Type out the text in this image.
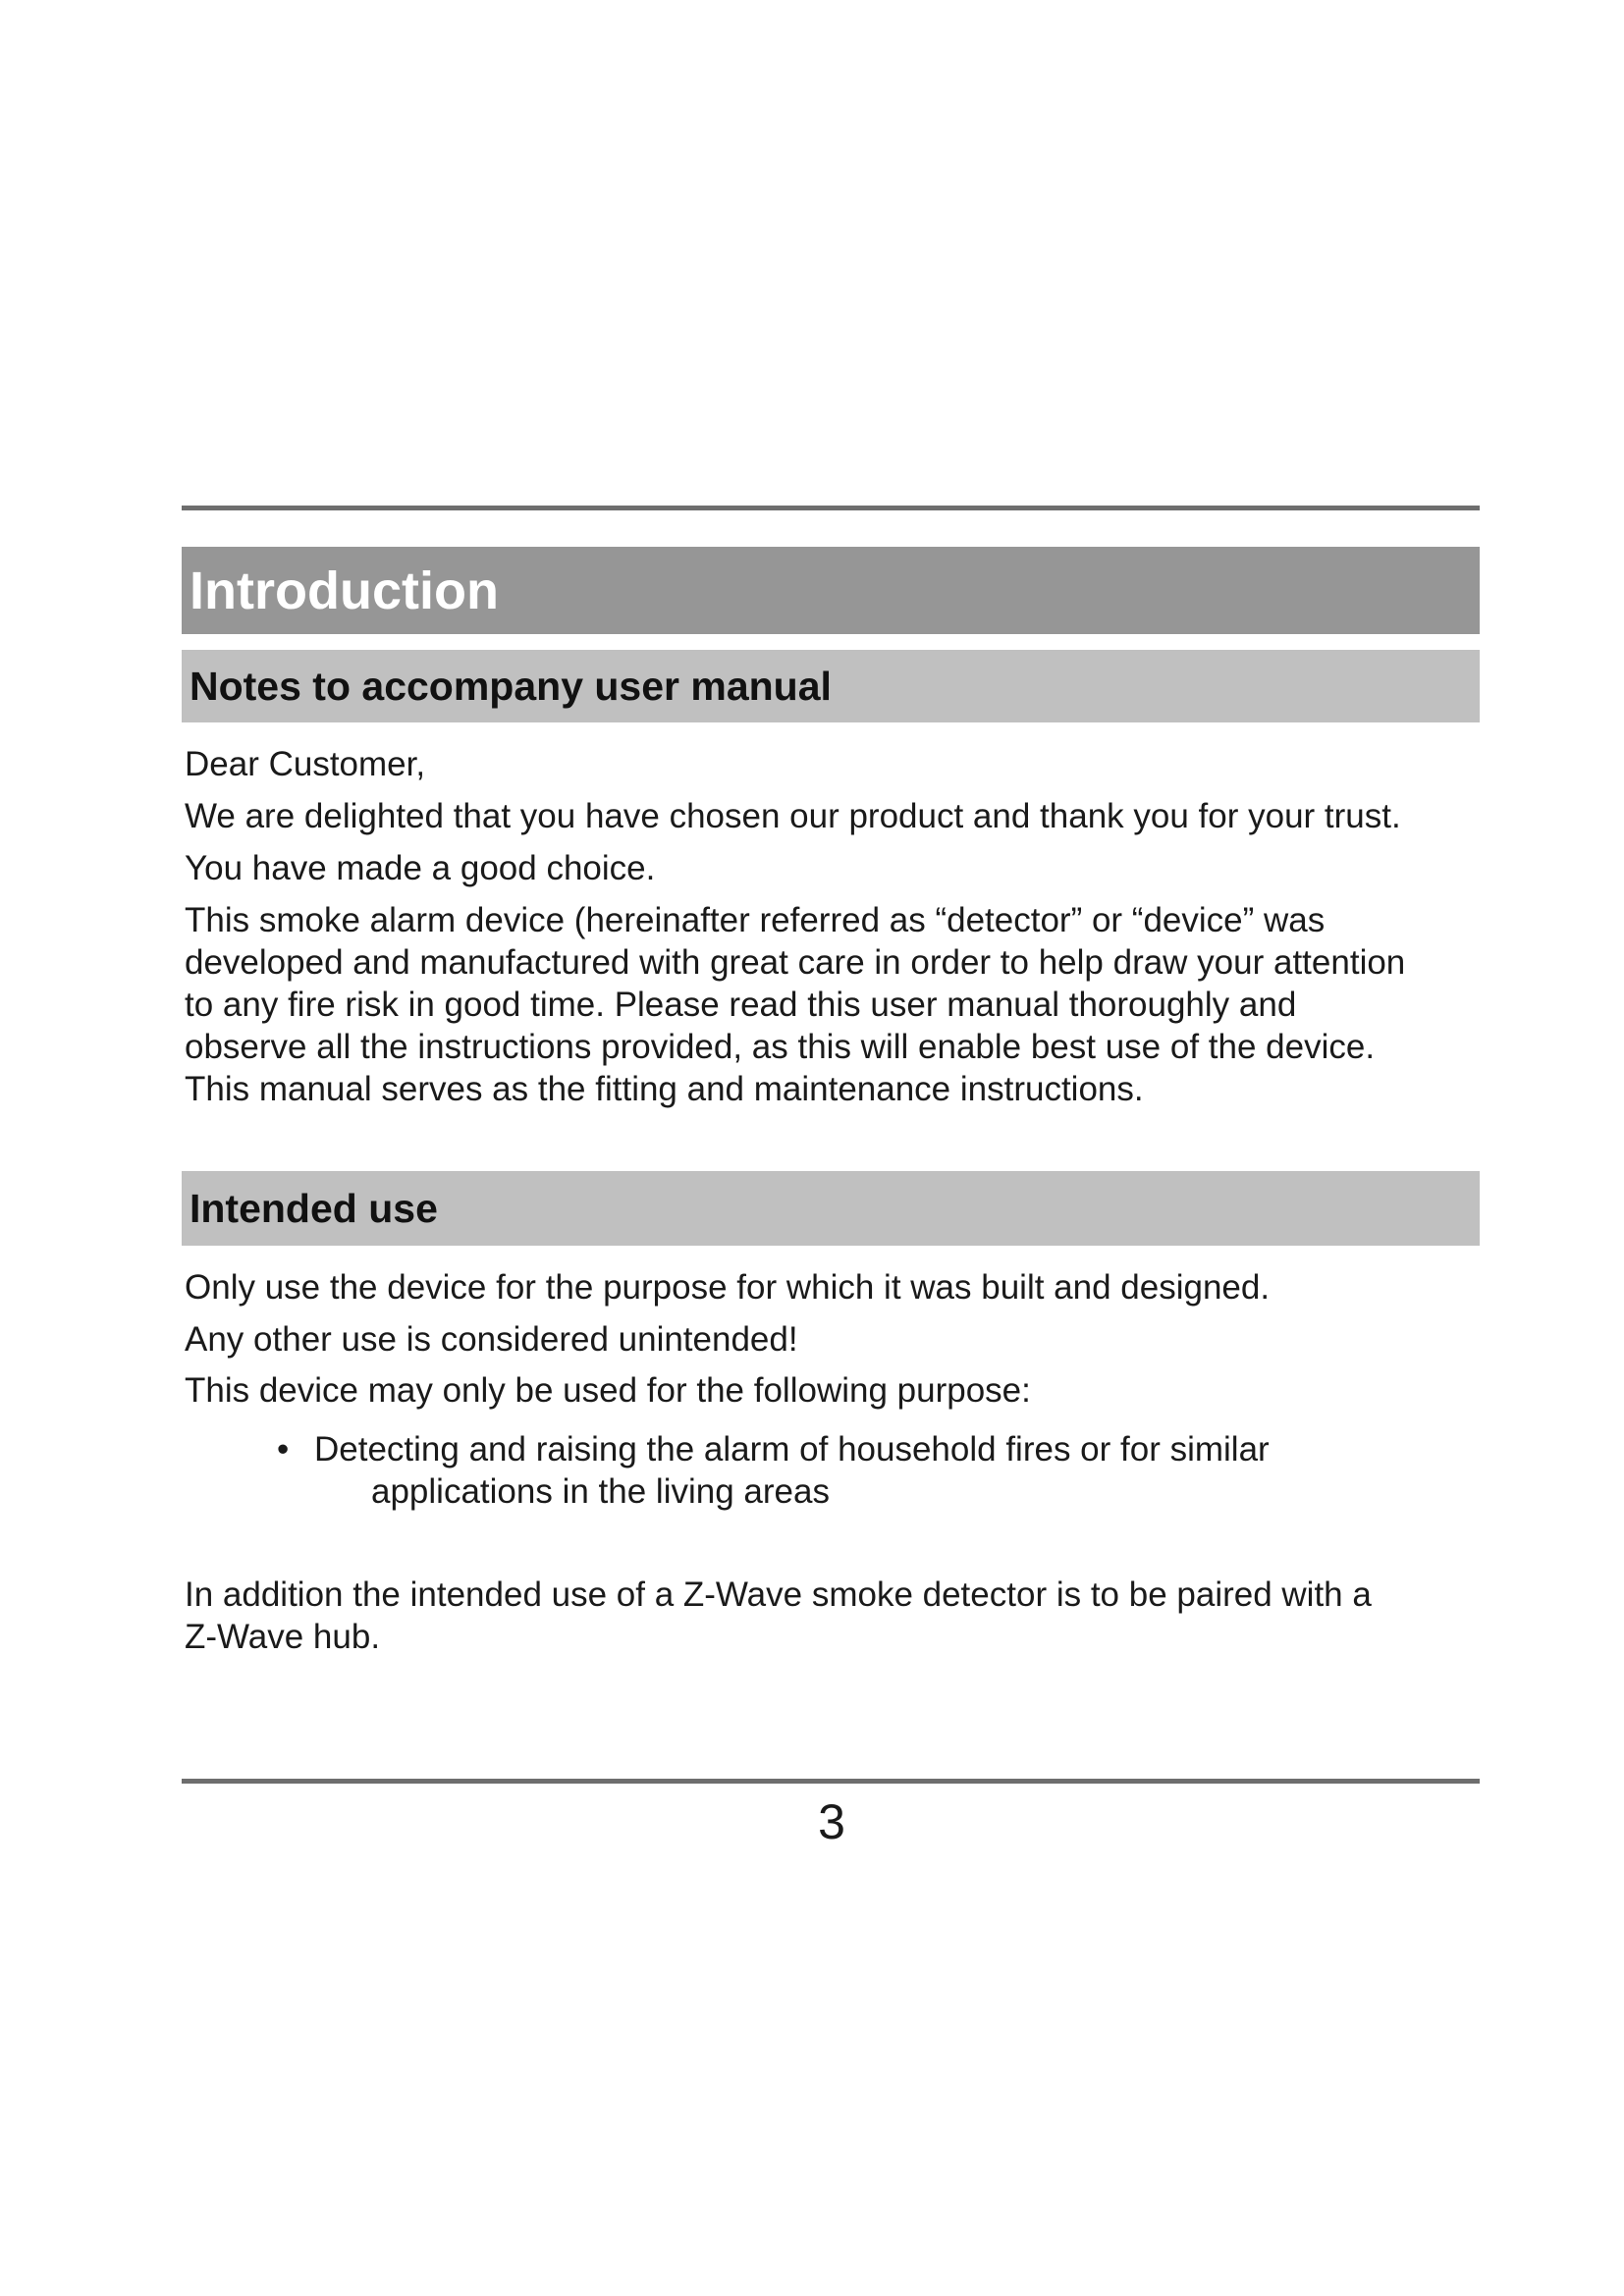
Introduction
Notes to accompany user manual

Dear Customer,

We are delighted that you have chosen our product and thank you for your trust.

You have made a good choice.

This smoke alarm device (hereinafter referred as “detector” or “device” was

developed and manufactured with great care in order to help draw your attention

to any fire risk in good time. Please read this user manual thoroughly and

observe all the instructions provided, as this will enable best use of the device.

This manual serves as the fitting and maintenance instructions.

Intended use

Only use the device for the purpose for which it was built and designed.

Any other use is considered unintended!

This device may only be used for the following purpose:

• Detecting and raising the alarm of household fires or for similar
applications in the living areas

In addition the intended use of a Z-Wave smoke detector is to be paired with a

Z-Wave hub.

3
